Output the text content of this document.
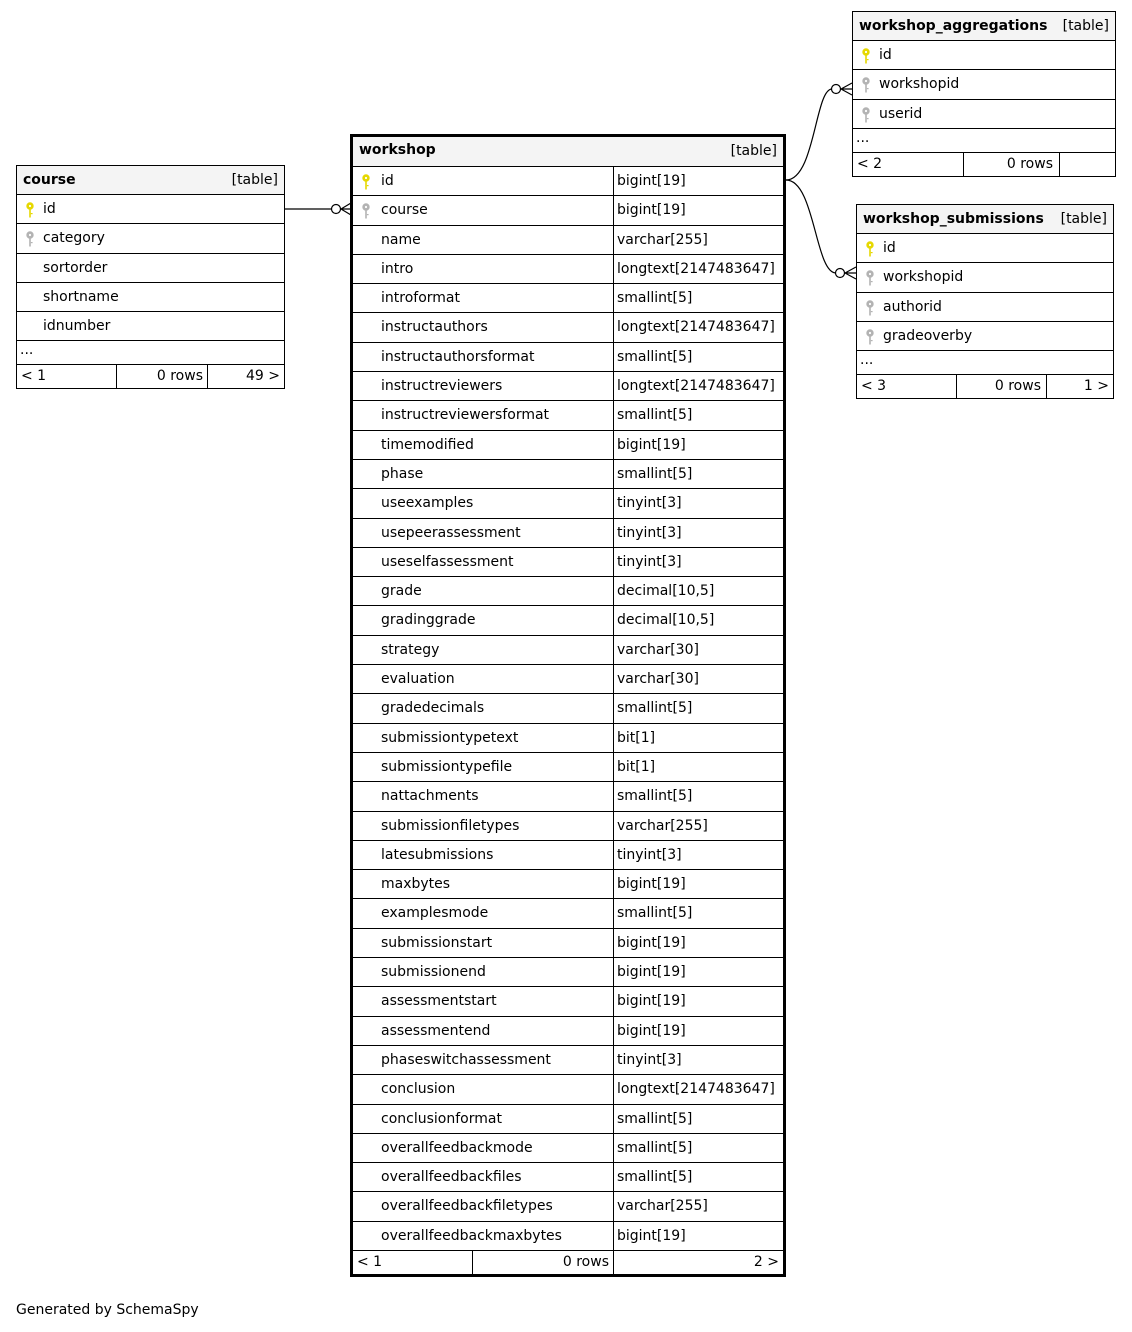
course	[table]
id
category
sortorder
shortname
idnumber
...
< 1	0 rows	49 >
workshop	[table]
id	bigint[19]
course	bigint[19]
name	varchar[255]
intro	longtext[2147483647]
introformat	smallint[5]
instructauthors	longtext[2147483647]
instructauthorsformat	smallint[5]
instructreviewers	longtext[2147483647]
instructreviewersformat	smallint[5]
timemodified	bigint[19]
phase	smallint[5]
useexamples	tinyint[3]
usepeerassessment	tinyint[3]
useselfassessment	tinyint[3]
grade	decimal[10,5]
gradinggrade	decimal[10,5]
strategy	varchar[30]
evaluation	varchar[30]
gradedecimals	smallint[5]
submissiontypetext	bit[1]
submissiontypefile	bit[1]
nattachments	smallint[5]
submissionfiletypes	varchar[255]
latesubmissions	tinyint[3]
maxbytes	bigint[19]
examplesmode	smallint[5]
submissionstart	bigint[19]
submissionend	bigint[19]
assessmentstart	bigint[19]
assessmentend	bigint[19]
phaseswitchassessment	tinyint[3]
conclusion	longtext[2147483647]
conclusionformat	smallint[5]
overallfeedbackmode	smallint[5]
overallfeedbackfiles	smallint[5]
overallfeedbackfiletypes	varchar[255]
overallfeedbackmaxbytes	bigint[19]
< 1	0 rows	2 >
workshop_aggregations [table]
id
workshopid
userid
...
< 2	0 rows
workshop_submissions [table]
id
workshopid
authorid
gradeoverby
...
< 3	0 rows	1 >
Generated by SchemaSpy
